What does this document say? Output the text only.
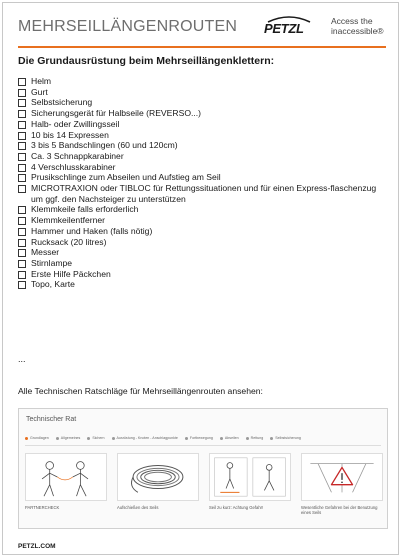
MEHRSEILLÄNGENROUTEN PETZL	Access the inaccessible®
Die Grundausrüstung beim Mehrseillängenklettern:
Helm
Gurt
Selbstsicherung
Sicherungsgerät für Halbseile (REVERSO...)
Halb- oder Zwillingsseil
10 bis 14 Expressen
3 bis 5 Bandschlingen (60 und 120cm)
Ca. 3 Schnappkarabiner
4 Verschlusskarabiner
Prusikschlinge zum Abseilen und Aufstieg am Seil
MICROTRAXION oder TIBLOC für Rettungssituationen und für einen Express-flaschenzug um ggf. den Nachsteiger zu unterstützen
Klemmkeile falls erforderlich
Klemmkeilentferner
Hammer und Haken (falls nötig)
Rucksack (20 litres)
Messer
Stirnlampe
Erste Hilfe Päckchen
Topo, Karte
...
Alle Technischen Ratschläge für Mehrseillängenrouten ansehen:
Technischer Rat
Grundlagen	Allgemeines	Sichern	Ausrüstung - Knoten - Anschlagpunkte	Fortbewegung	Abseilen	Rettung	Selbstsicherung
PARTNERCHECK	Aufschießen des Seils	Seil zu kurz: Achtung Gefahr!	Wesentliche Gefahren bei der Benutzung eines Seils
PETZL.COM
